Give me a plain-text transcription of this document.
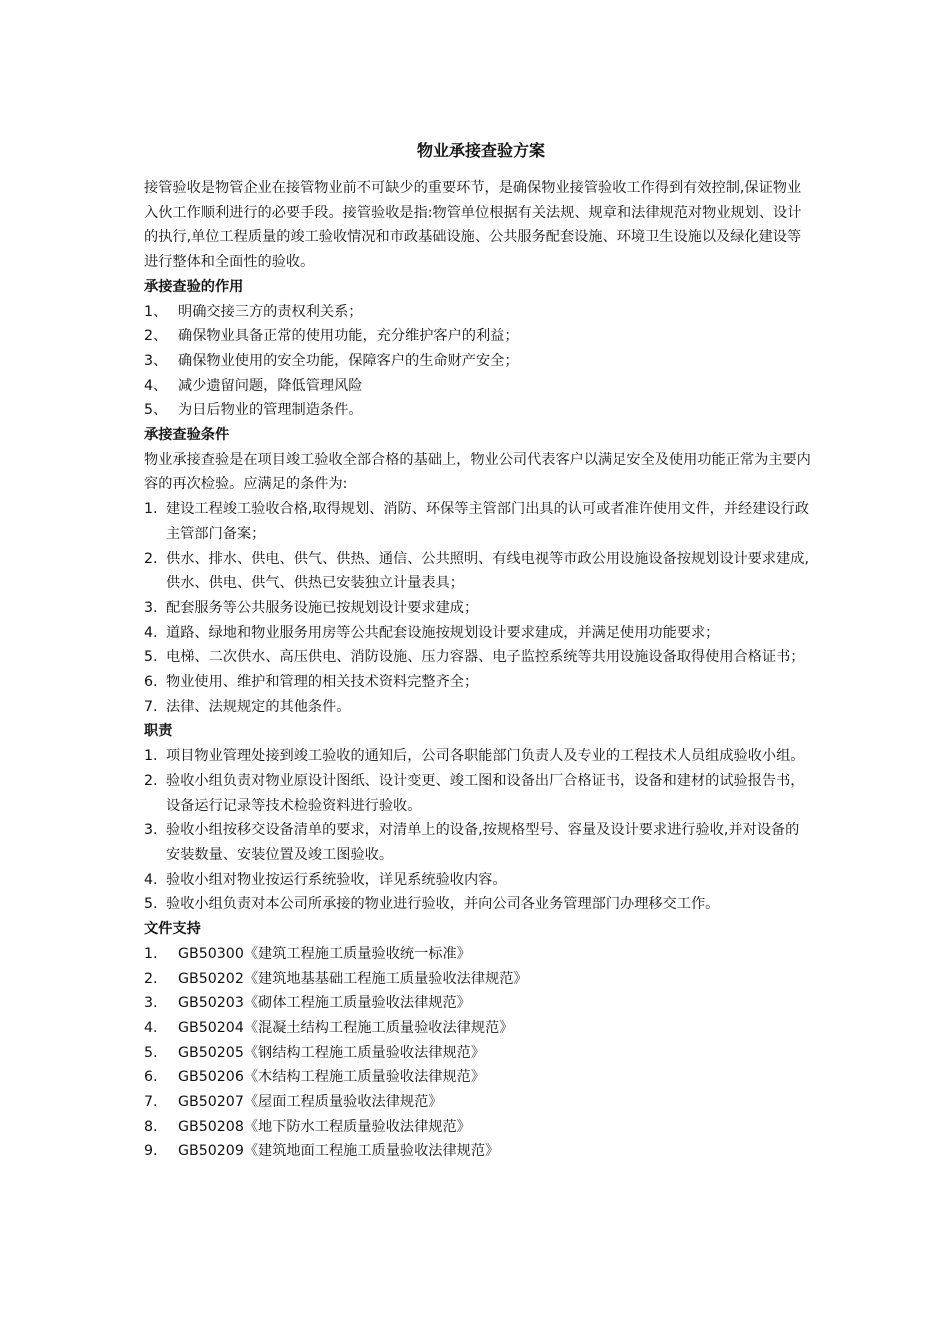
物业承接查验方案
接管验收是物管企业在接管物业前不可缺少的重要环节，是确保物业接管验收工作得到有效控制,保证物业入伙工作顺利进行的必要手段。接管验收是指:物管单位根据有关法规、规章和法律规范对物业规划、设计的执行,单位工程质量的竣工验收情况和市政基础设施、公共服务配套设施、环境卫生设施以及绿化建设等进行整体和全面性的验收。
承接查验的作用
1、 明确交接三方的责权利关系；
2、 确保物业具备正常的使用功能，充分维护客户的利益；
3、 确保物业使用的安全功能，保障客户的生命财产安全；
4、 减少遗留问题，降低管理风险
5、 为日后物业的管理制造条件。
承接查验条件
物业承接查验是在项目竣工验收全部合格的基础上，物业公司代表客户以满足安全及使用功能正常为主要内容的再次检验。应满足的条件为:
1. 建设工程竣工验收合格,取得规划、消防、环保等主管部门出具的认可或者准许使用文件，并经建设行政主管部门备案；
2. 供水、排水、供电、供气、供热、通信、公共照明、有线电视等市政公用设施设备按规划设计要求建成,供水、供电、供气、供热已安装独立计量表具；
3. 配套服务等公共服务设施已按规划设计要求建成；
4. 道路、绿地和物业服务用房等公共配套设施按规划设计要求建成，并满足使用功能要求；
5. 电梯、二次供水、高压供电、消防设施、压力容器、电子监控系统等共用设施设备取得使用合格证书；
6. 物业使用、维护和管理的相关技术资料完整齐全；
7. 法律、法规规定的其他条件。
职责
1. 项目物业管理处接到竣工验收的通知后，公司各职能部门负责人及专业的工程技术人员组成验收小组。
2. 验收小组负责对物业原设计图纸、设计变更、竣工图和设备出厂合格证书，设备和建材的试验报告书，设备运行记录等技术检验资料进行验收。
3. 验收小组按移交设备清单的要求，对清单上的设备,按规格型号、容量及设计要求进行验收,并对设备的安装数量、安装位置及竣工图验收。
4. 验收小组对物业按运行系统验收，详见系统验收内容。
5. 验收小组负责对本公司所承接的物业进行验收，并向公司各业务管理部门办理移交工作。
文件支持
1.	GB50300《建筑工程施工质量验收统一标准》
2.	GB50202《建筑地基基础工程施工质量验收法律规范》
3.	GB50203《砌体工程施工质量验收法律规范》
4.	GB50204《混凝土结构工程施工质量验收法律规范》
5.	GB50205《钢结构工程施工质量验收法律规范》
6.	GB50206《木结构工程施工质量验收法律规范》
7.	GB50207《屋面工程质量验收法律规范》
8.	GB50208《地下防水工程质量验收法律规范》
9.	GB50209《建筑地面工程施工质量验收法律规范》
